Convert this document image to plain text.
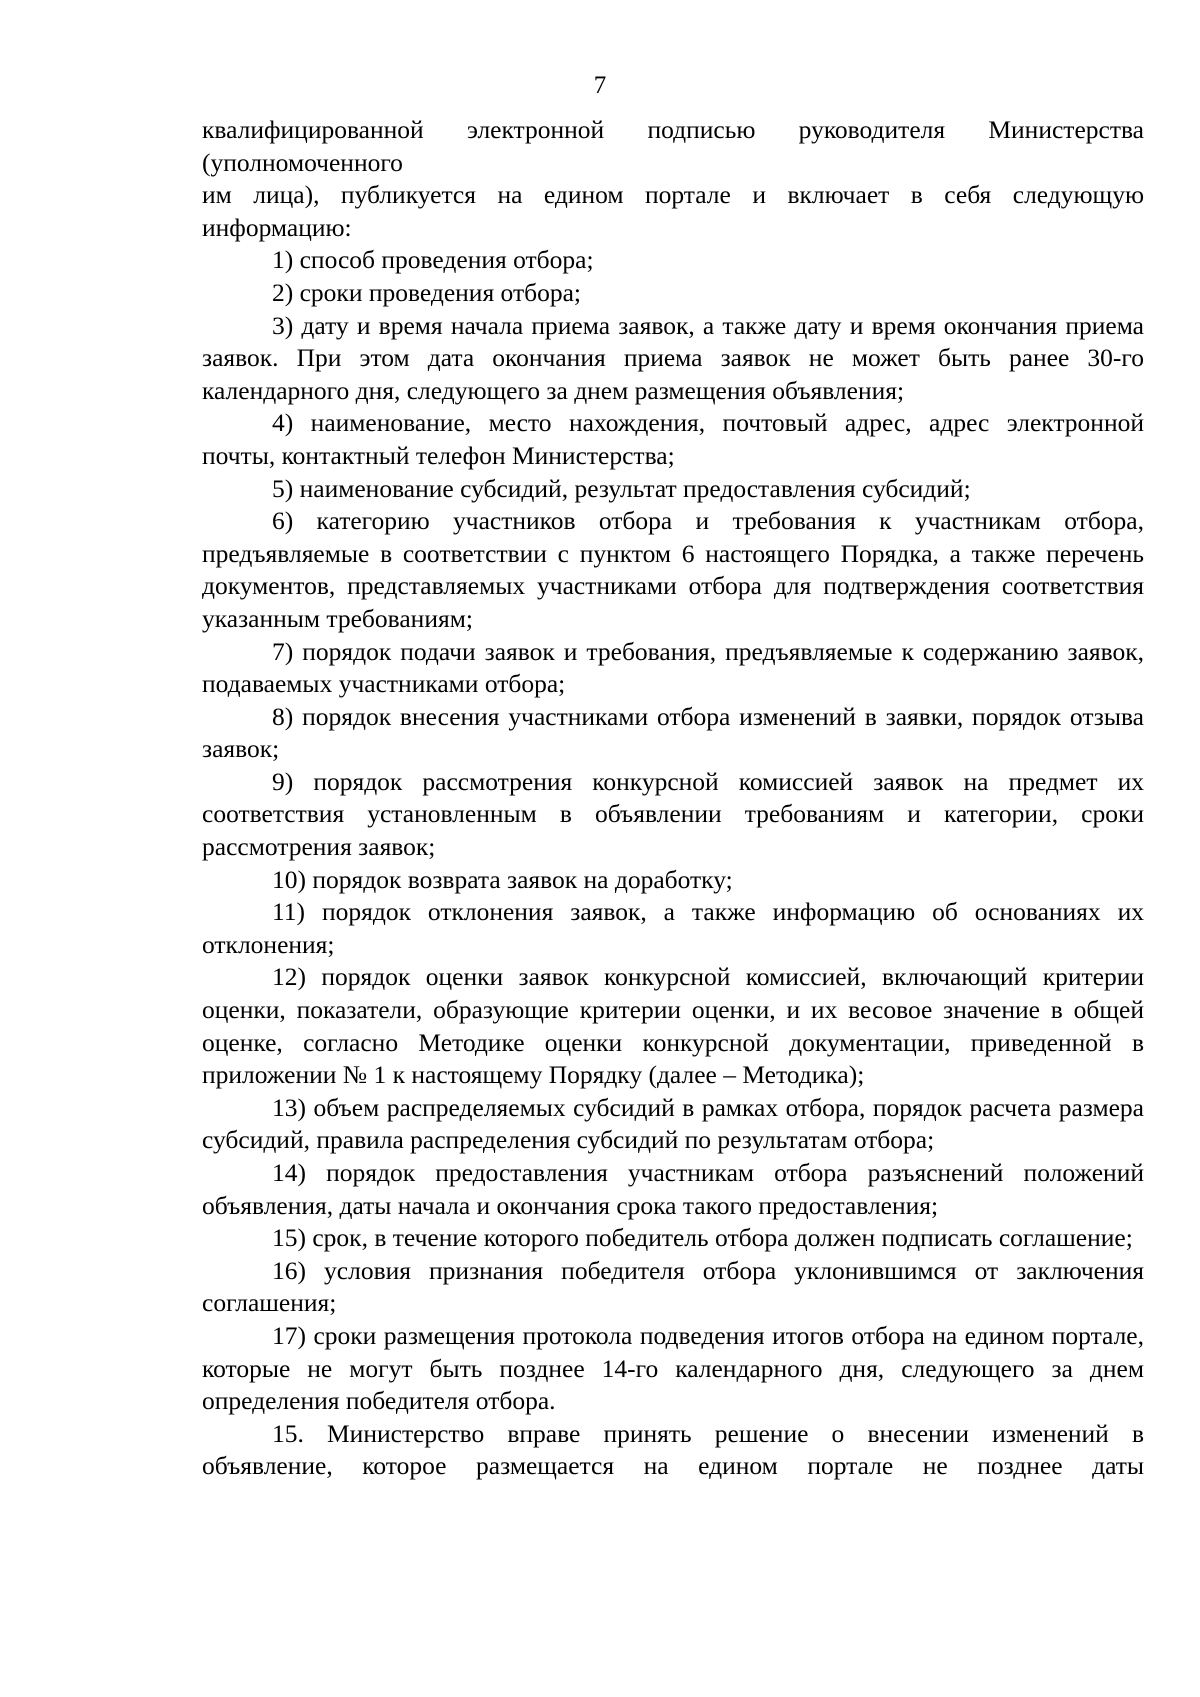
7

квалифицированной электронной подписью руководителя Министерства

(уполномоченного

им лица), публикуется на едином портале и включает в себя следующую информацию:

1) способ проведения отбора;

2) сроки проведения отбора;

3) дату и время начала приема заявок, а также дату и время окончания приема заявок. При этом дата окончания приема заявок не может быть ранее 30-го календарного дня, следующего за днем размещения объявления;

4) наименование, место нахождения, почтовый адрес, адрес электронной почты, контактный телефон Министерства;

5) наименование субсидий, результат предоставления субсидий;

6) категорию участников отбора и требования к участникам отбора, предъявляемые в соответствии с пунктом 6 настоящего Порядка, а также перечень документов, представляемых участниками отбора для подтверждения соответствия указанным требованиям;

7) порядок подачи заявок и требования, предъявляемые к содержанию заявок, подаваемых участниками отбора;

8) порядок внесения участниками отбора изменений в заявки, порядок отзыва заявок;

9) порядок рассмотрения конкурсной комиссией заявок на предмет их соответствия установленным в объявлении требованиям и категории, сроки рассмотрения заявок;

10) порядок возврата заявок на доработку;

11) порядок отклонения заявок, а также информацию об основаниях их отклонения;

12) порядок оценки заявок конкурсной комиссией, включающий критерии оценки, показатели, образующие критерии оценки, и их весовое значение в общей оценке, согласно Методике оценки конкурсной документации, приведенной в приложении № 1 к настоящему Порядку (далее – Методика);

13) объем распределяемых субсидий в рамках отбора, порядок расчета размера субсидий, правила распределения субсидий по результатам отбора;

14) порядок предоставления участникам отбора разъяснений положений объявления, даты начала и окончания срока такого предоставления;

15) срок, в течение которого победитель отбора должен подписать соглашение;

16) условия признания победителя отбора уклонившимся от заключения соглашения;

17) сроки размещения протокола подведения итогов отбора на едином портале, которые не могут быть позднее 14-го календарного дня, следующего за днем определения победителя отбора.

15. Министерство вправе принять решение о внесении изменений в объявление, которое размещается на едином портале не позднее даты
